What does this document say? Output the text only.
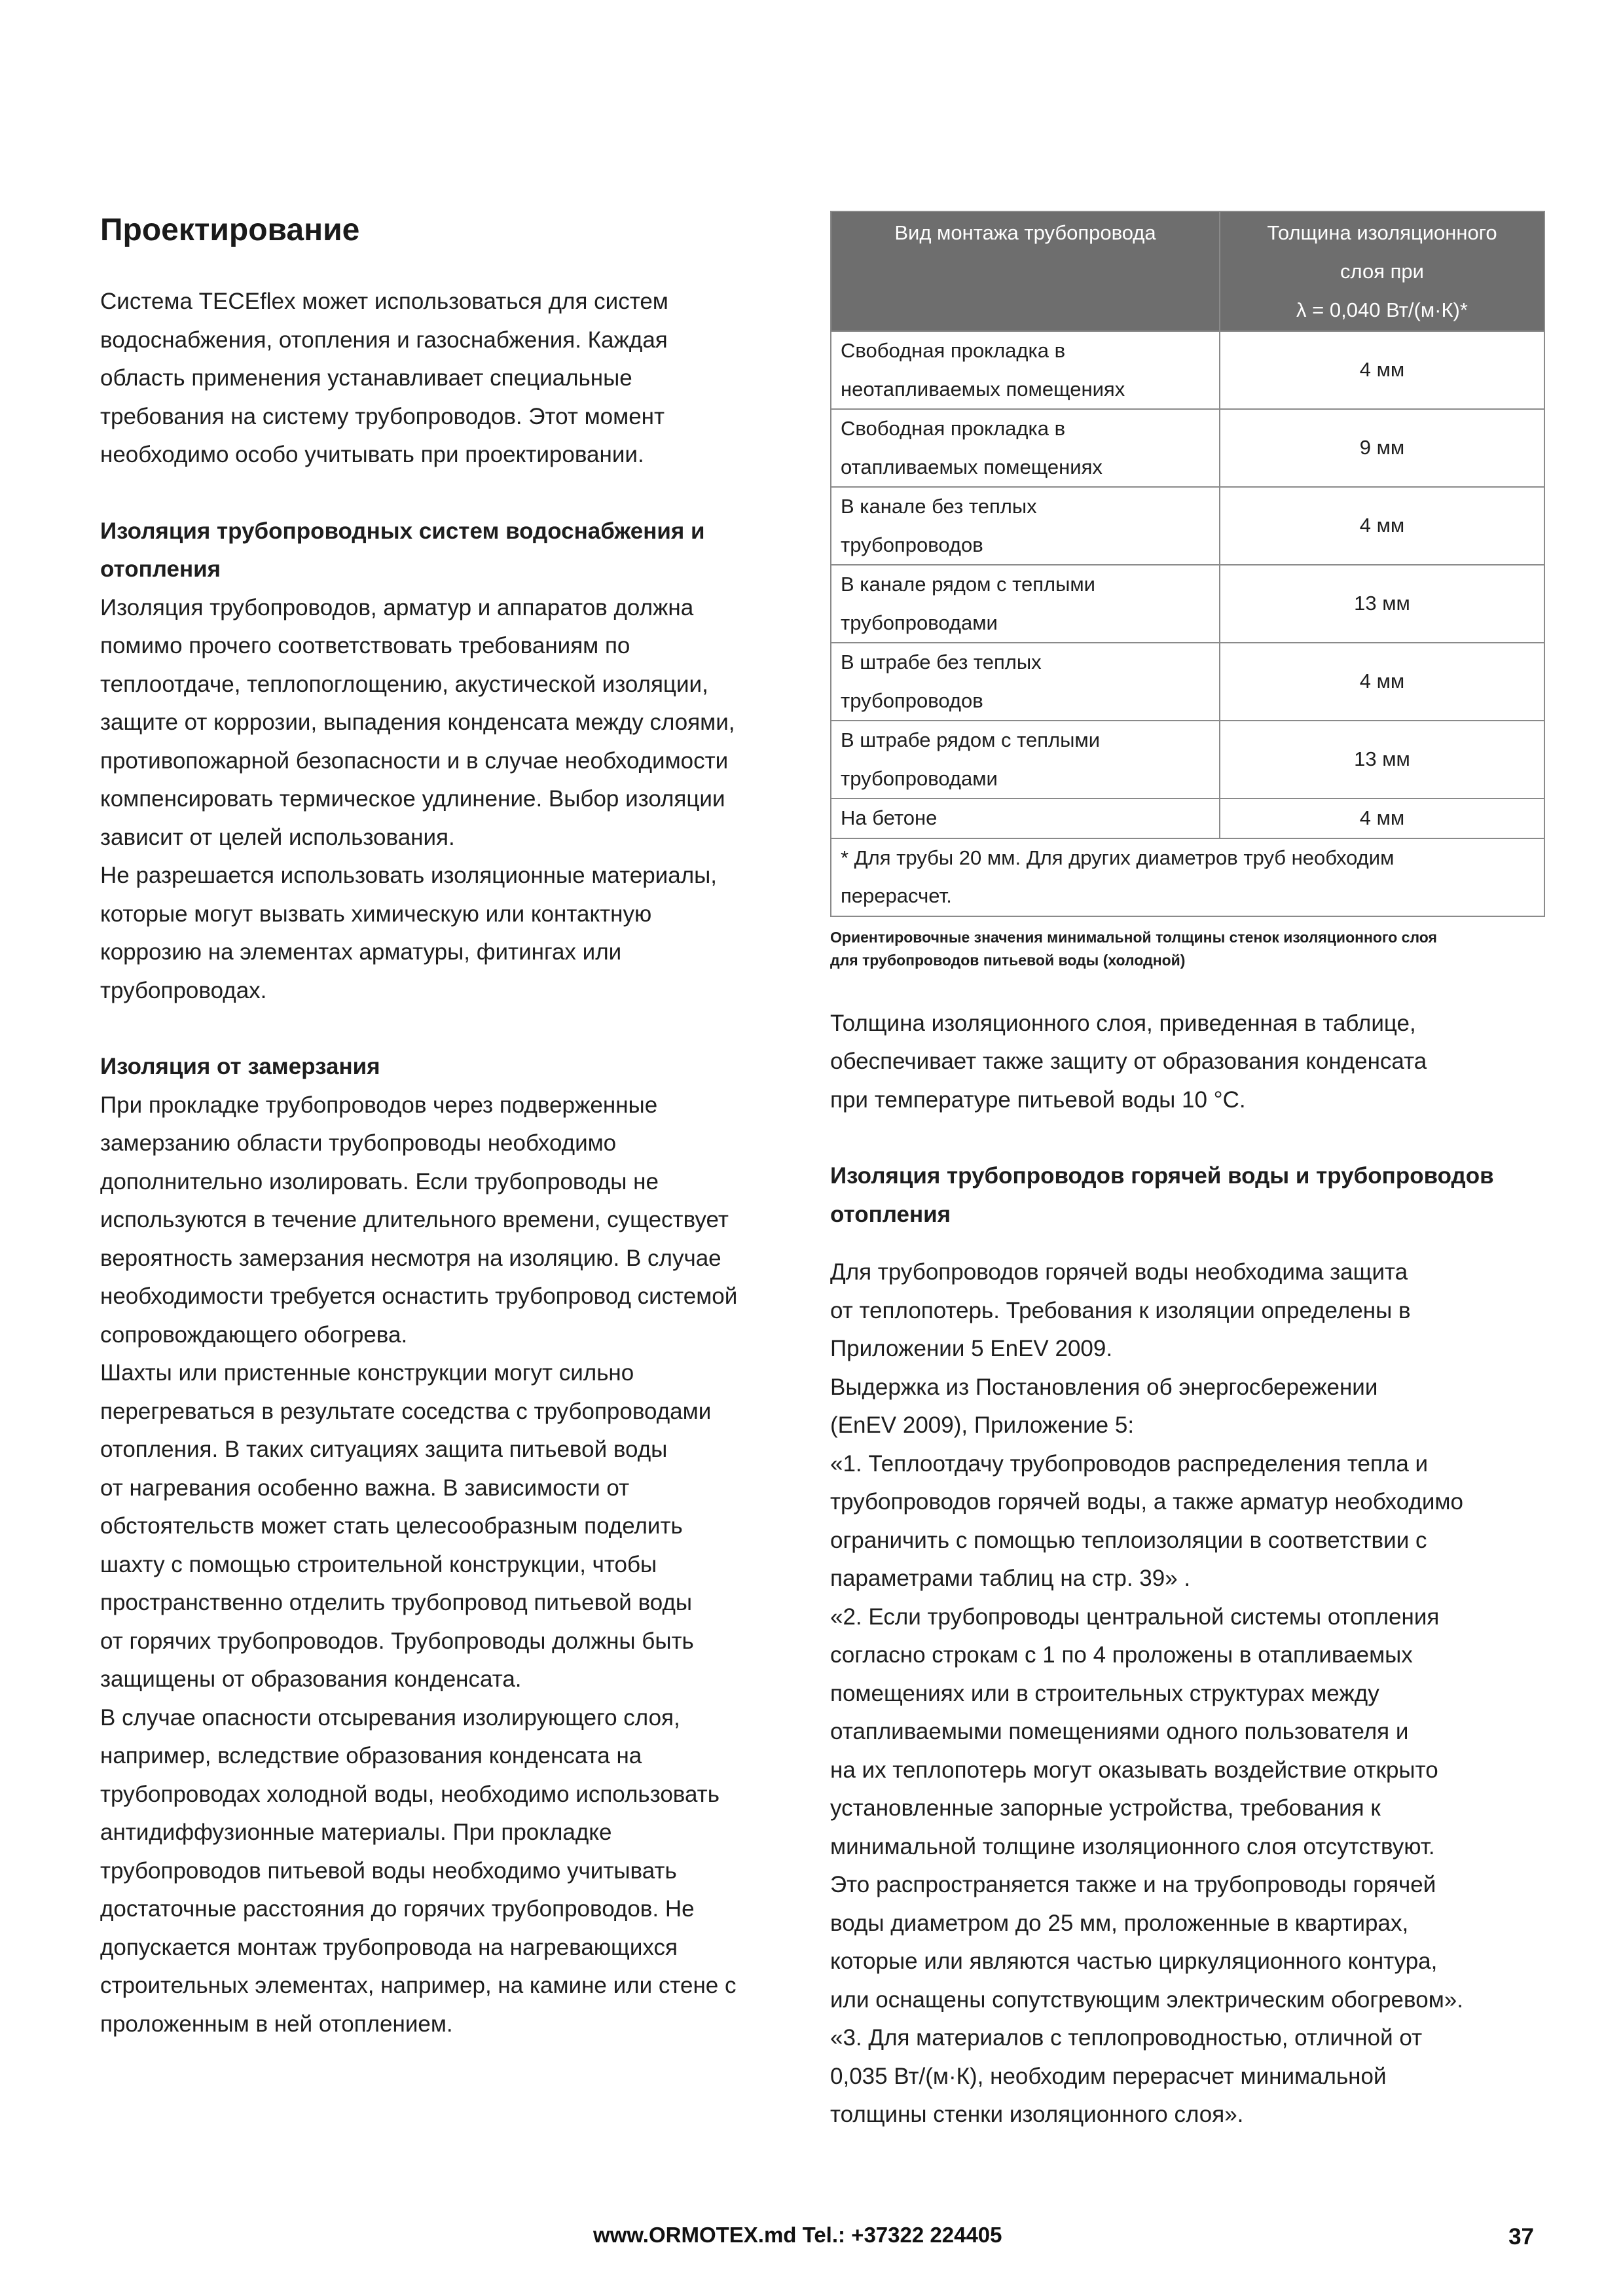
Проектирование

Система TECEflex может использоваться для систем

водоснабжения, отопления и газоснабжения. Каждая

область применения устанавливает специальные

требования на систему трубопроводов. Этот момент

необходимо особо учитывать при проектировании.

Изоляция трубопроводных систем водоснабжения и
отопления

Изоляция трубопроводов, арматур и аппаратов должна

помимо прочего соответствовать требованиям по

теплоотдаче, теплопоглощению, акустической изоляции,

защите от коррозии, выпадения конденсата между слоями,

противопожарной безопасности и в случае необходимости

компенсировать термическое удлинение. Выбор изоляции

зависит от целей использования.

Не разрешается использовать изоляционные материалы,

которые могут вызвать химическую или контактную

коррозию на элементах арматуры, фитингах или

трубопроводах.

Изоляция от замерзания

При прокладке трубопроводов через подверженные

замерзанию области трубопроводы необходимо

дополнительно изолировать. Если трубопроводы не

используются в течение длительного времени, существует

вероятность замерзания несмотря на изоляцию. В случае

необходимости требуется оснастить трубопровод системой

сопровождающего обогрева.

Шахты или пристенные конструкции могут сильно

перегреваться в результате соседства с трубопроводами

отопления. В таких ситуациях защита питьевой воды

от нагревания особенно важна. В зависимости от

обстоятельств может стать целесообразным поделить

шахту с помощью строительной конструкции, чтобы

пространственно отделить трубопровод питьевой воды

от горячих трубопроводов. Трубопроводы должны быть

защищены от образования конденсата.

В случае опасности отсыревания изолирующего слоя,

например, вследствие образования конденсата на

трубопроводах холодной воды, необходимо использовать

антидиффузионные материалы. При прокладке

трубопроводов питьевой воды необходимо учитывать

достаточные расстояния до горячих трубопроводов. Не

допускается монтаж трубопровода на нагревающихся

строительных элементах, например, на камине или стене с

проложенным в ней отоплением.

Вид монтажа трубопровода	Толщина изоляционного
слоя при
λ = 0,040 Вт/(м·К)*
Свободная прокладка в
неотапливаемых помещениях	4 мм
Свободная прокладка в
отапливаемых помещениях	9 мм
В канале без теплых
трубопроводов	4 мм
В канале рядом с теплыми
трубопроводами	13 мм
В штрабе без теплых
трубопроводов	4 мм
В штрабе рядом с теплыми
трубопроводами	13 мм
На бетоне	4 мм
* Для трубы 20 мм. Для других диаметров труб необходим
перерасчет.	
Ориентировочные значения минимальной толщины стенок изоляционного слоя
для трубопроводов питьевой воды (холодной)

Толщина изоляционного слоя, приведенная в таблице,

обеспечивает также защиту от образования конденсата

при температуре питьевой воды 10 °С.

Изоляция трубопроводов горячей воды и трубопроводов
отопления

Для трубопроводов горячей воды необходима защита

от теплопотерь. Требования к изоляции определены в

Приложении 5 EnEV 2009.

Выдержка из Постановления об энергосбережении

(EnEV 2009), Приложение 5:

«1. Теплоотдачу трубопроводов распределения тепла и

трубопроводов горячей воды, а также арматур необходимо

ограничить с помощью теплоизоляции в соответствии с

параметрами таблиц на стр. 39» .

«2. Если трубопроводы центральной системы отопления

согласно строкам с 1 по 4 проложены в отапливаемых

помещениях или в строительных структурах между

отапливаемыми помещениями одного пользователя и

на их теплопотерь могут оказывать воздействие открыто

установленные запорные устройства, требования к

минимальной толщине изоляционного слоя отсутствуют.

Это распространяется также и на трубопроводы горячей

воды диаметром до 25 мм, проложенные в квартирах,

которые или являются частью циркуляционного контура,

или оснащены сопутствующим электрическим обогревом».

«3. Для материалов с теплопроводностью, отличной от

0,035 Вт/(м·К), необходим перерасчет минимальной

толщины стенки изоляционного слоя».

www.ORMOTEX.md Tel.: +37322 224405	37
